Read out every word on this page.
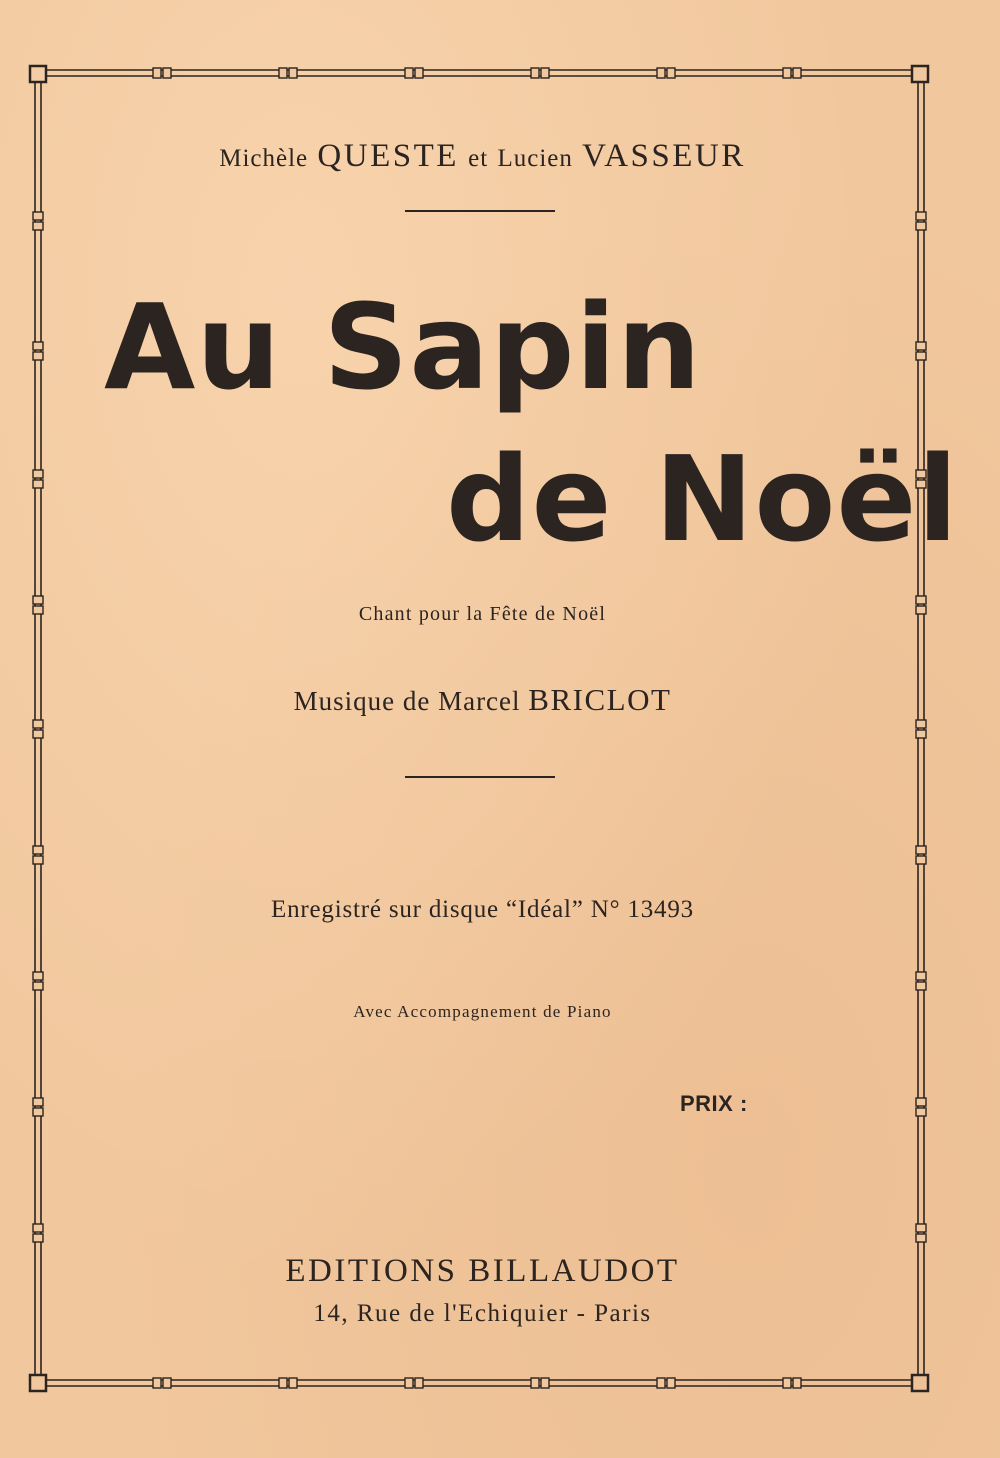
Michèle QUESTE et Lucien VASSEUR
Au Sapin
de Noël
Chant pour la Fête de Noël
Musique de Marcel BRICLOT
Enregistré sur disque “Idéal” N° 13493
Avec Accompagnement de Piano
PRIX :
EDITIONS BILLAUDOT
14, Rue de l'Echiquier - Paris
